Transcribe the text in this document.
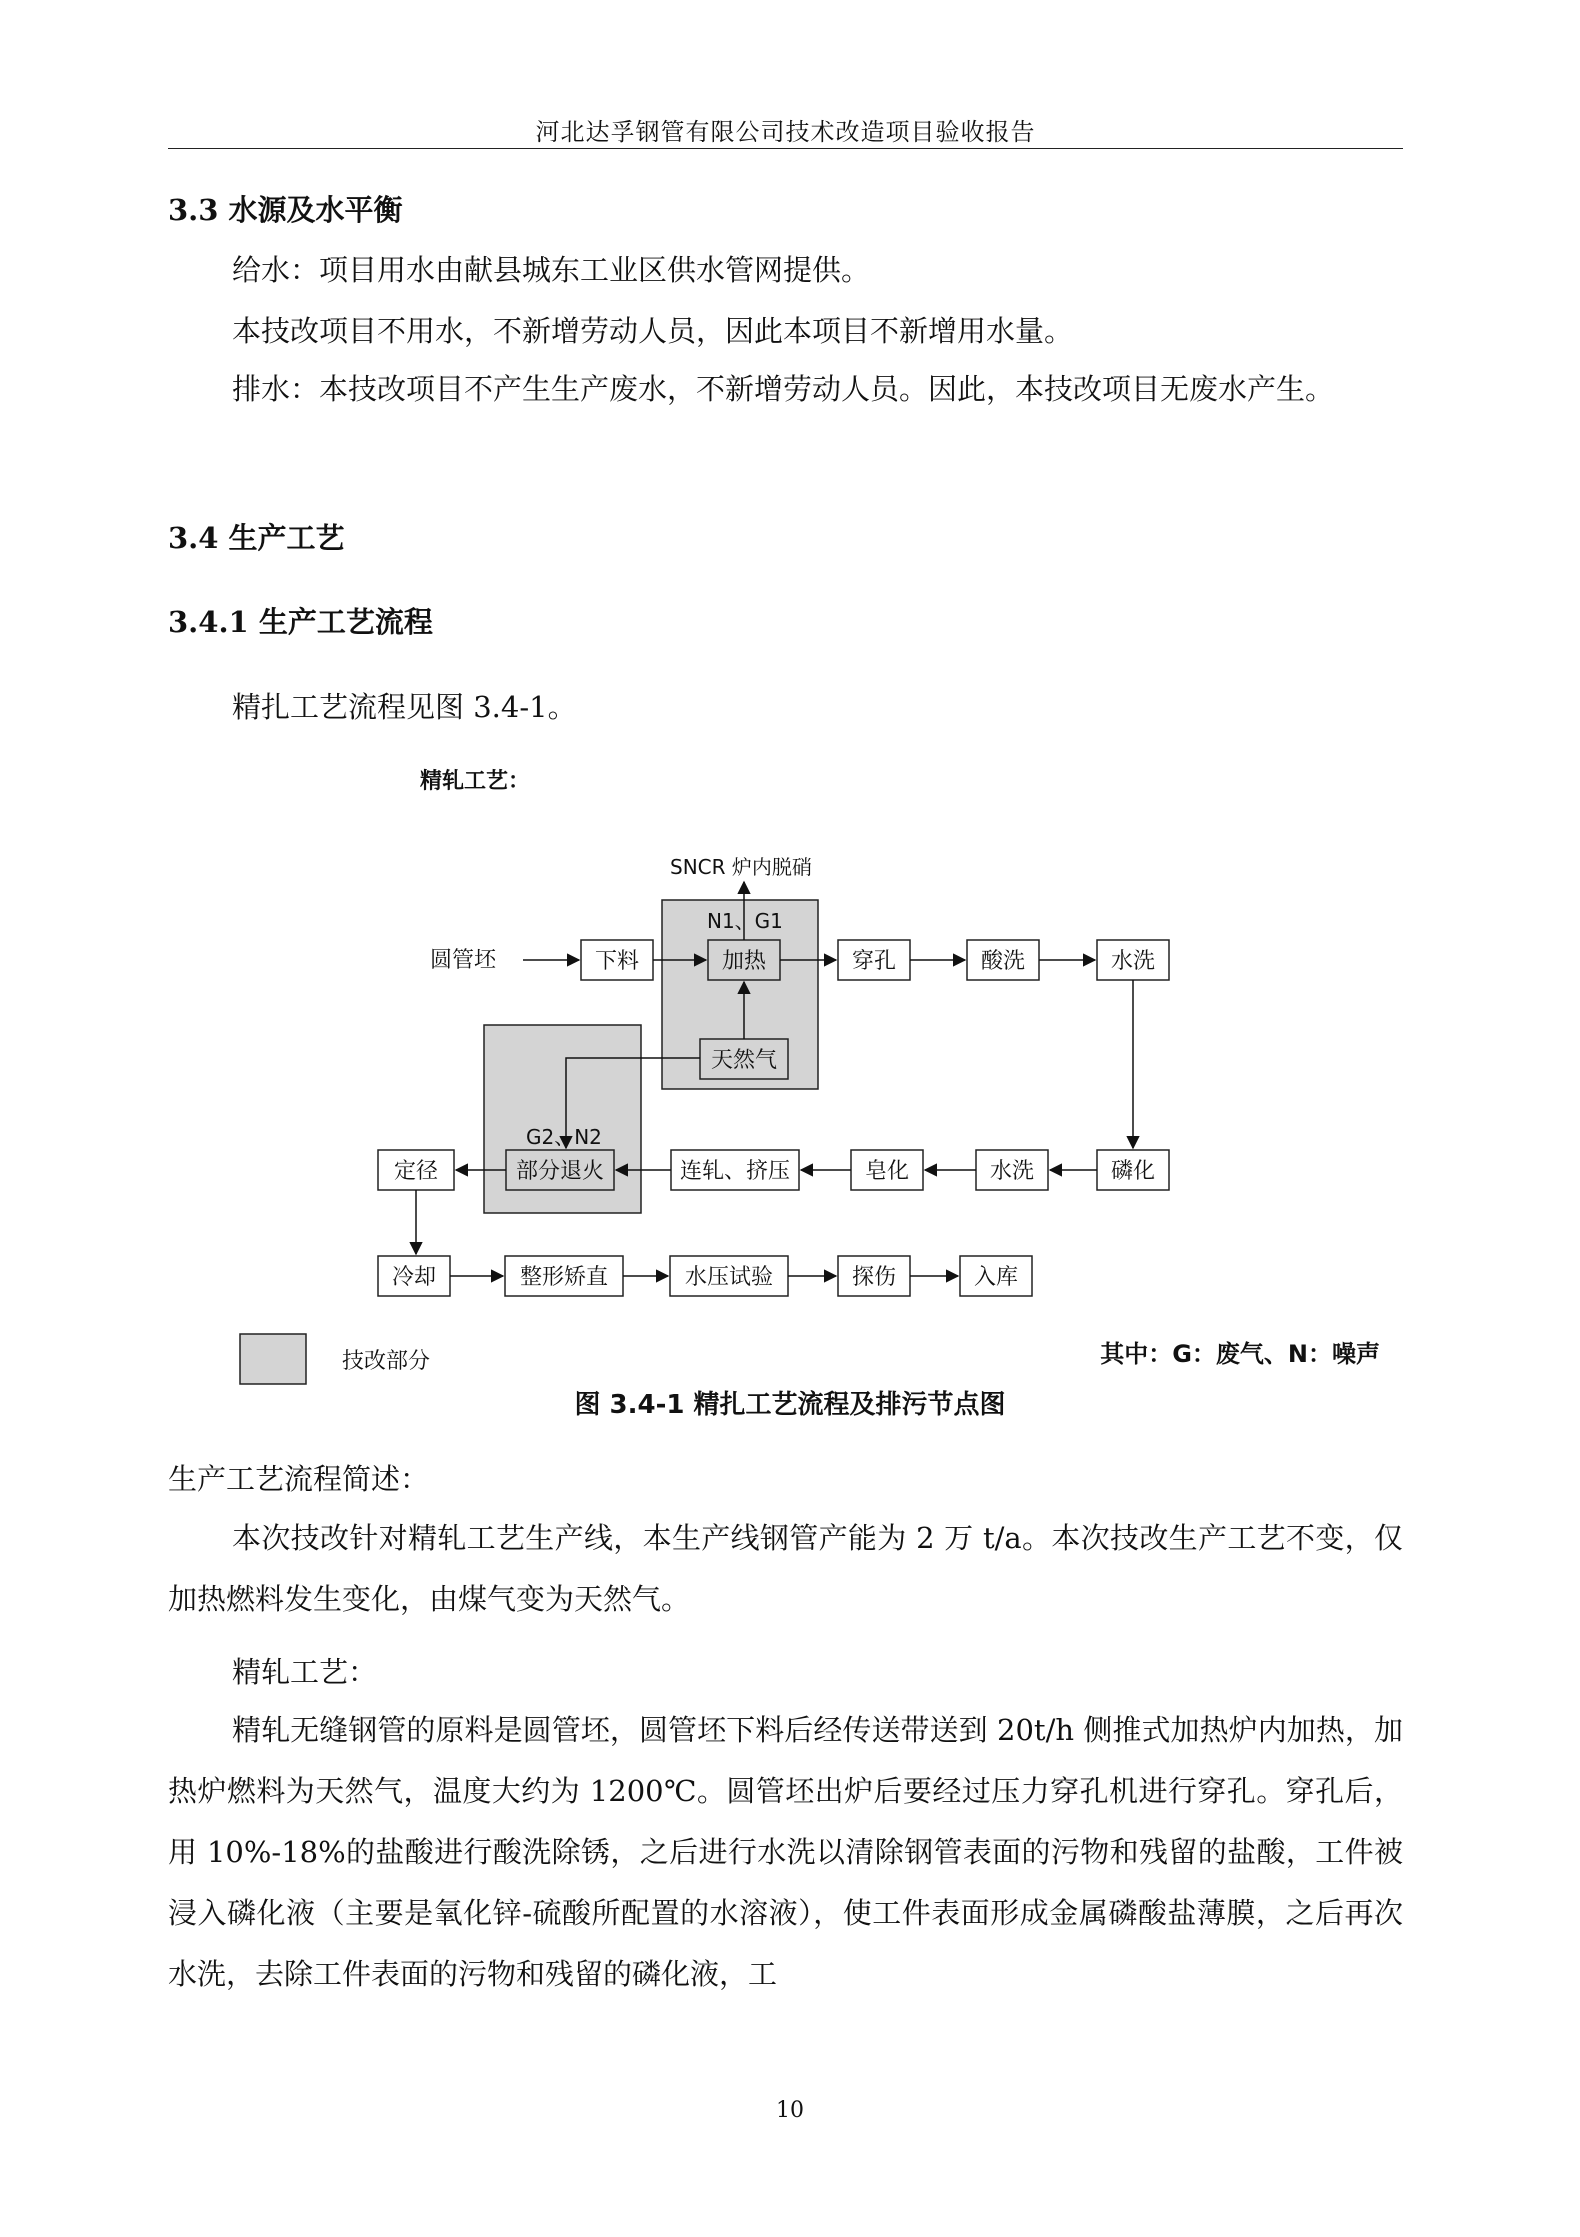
河北达孚钢管有限公司技术改造项目验收报告
3.3 水源及水平衡
给水：项目用水由献县城东工业区供水管网提供。
本技改项目不用水，不新增劳动人员，因此本项目不新增用水量。
排水：本技改项目不产生生产废水，不新增劳动人员。因此，本技改项目无废水产生。
3.4 生产工艺
3.4.1 生产工艺流程
精扎工艺流程见图 3.4-1。
精轧工艺：
SNCR 炉内脱硝
N1、G1
G2、N2
圆管坯	下料	加热	穿孔	酸洗	水洗
天然气
磷化
水洗
皂化
连轧、挤压
部分退火
定径
冷却	整形矫直	水压试验	探伤	入库
技改部分	其中：G：废气、N：噪声
图 3.4-1 精扎工艺流程及排污节点图
生产工艺流程简述：
本次技改针对精轧工艺生产线，本生产线钢管产能为 2 万 t/a。本次技改生产工艺不变，仅加热燃料发生变化，由煤气变为天然气。
精轧工艺：
精轧无缝钢管的原料是圆管坯，圆管坯下料后经传送带送到 20t/h 侧推式加热炉内加热，加热炉燃料为天然气，温度大约为 1200℃。圆管坯出炉后要经过压力穿孔机进行穿孔。穿孔后，用 10%-18%的盐酸进行酸洗除锈，之后进行水洗以清除钢管表面的污物和残留的盐酸，工件被浸入磷化液（主要是氧化锌-硫酸所配置的水溶液），使工件表面形成金属磷酸盐薄膜，之后再次水洗，去除工件表面的污物和残留的磷化液，工
10
